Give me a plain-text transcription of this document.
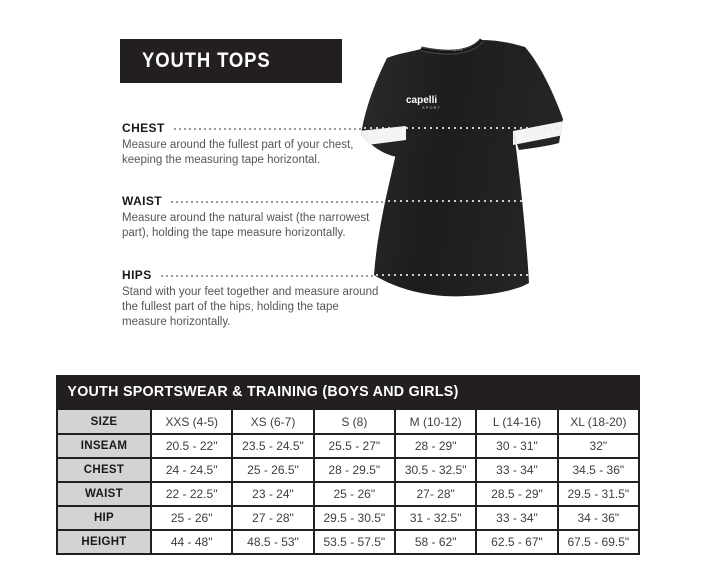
YOUTH TOPS
CHEST

Measure around the fullest part of your chest, keeping the measuring tape horizontal.

WAIST

Measure around the natural waist (the narrowest part), holding the tape measure horizontally.

HIPS

Stand with your feet together and measure around the fullest part of the hips, holding the tape measure horizontally.

capelli
capelli
SPORT
YOUTH SPORTSWEAR & TRAINING (BOYS AND GIRLS)
SIZE	XXS (4-5)	XS (6-7)	S (8)	M (10-12)	L (14-16)	XL (18-20)
INSEAM	20.5 - 22"	23.5 - 24.5"	25.5 - 27"	28 - 29"	30 - 31"	32"
CHEST	24 - 24.5"	25 - 26.5"	28 - 29.5"	30.5 - 32.5"	33 - 34"	34.5 - 36"
WAIST	22 - 22.5"	23 - 24"	25 - 26"	27- 28"	28.5 - 29"	29.5 - 31.5"
HIP	25 - 26"	27 - 28"	29.5 - 30.5"	31 - 32.5"	33 - 34"	34 - 36"
HEIGHT	44 - 48"	48.5 - 53"	53.5 - 57.5"	58 - 62"	62.5 - 67"	67.5 - 69.5"
